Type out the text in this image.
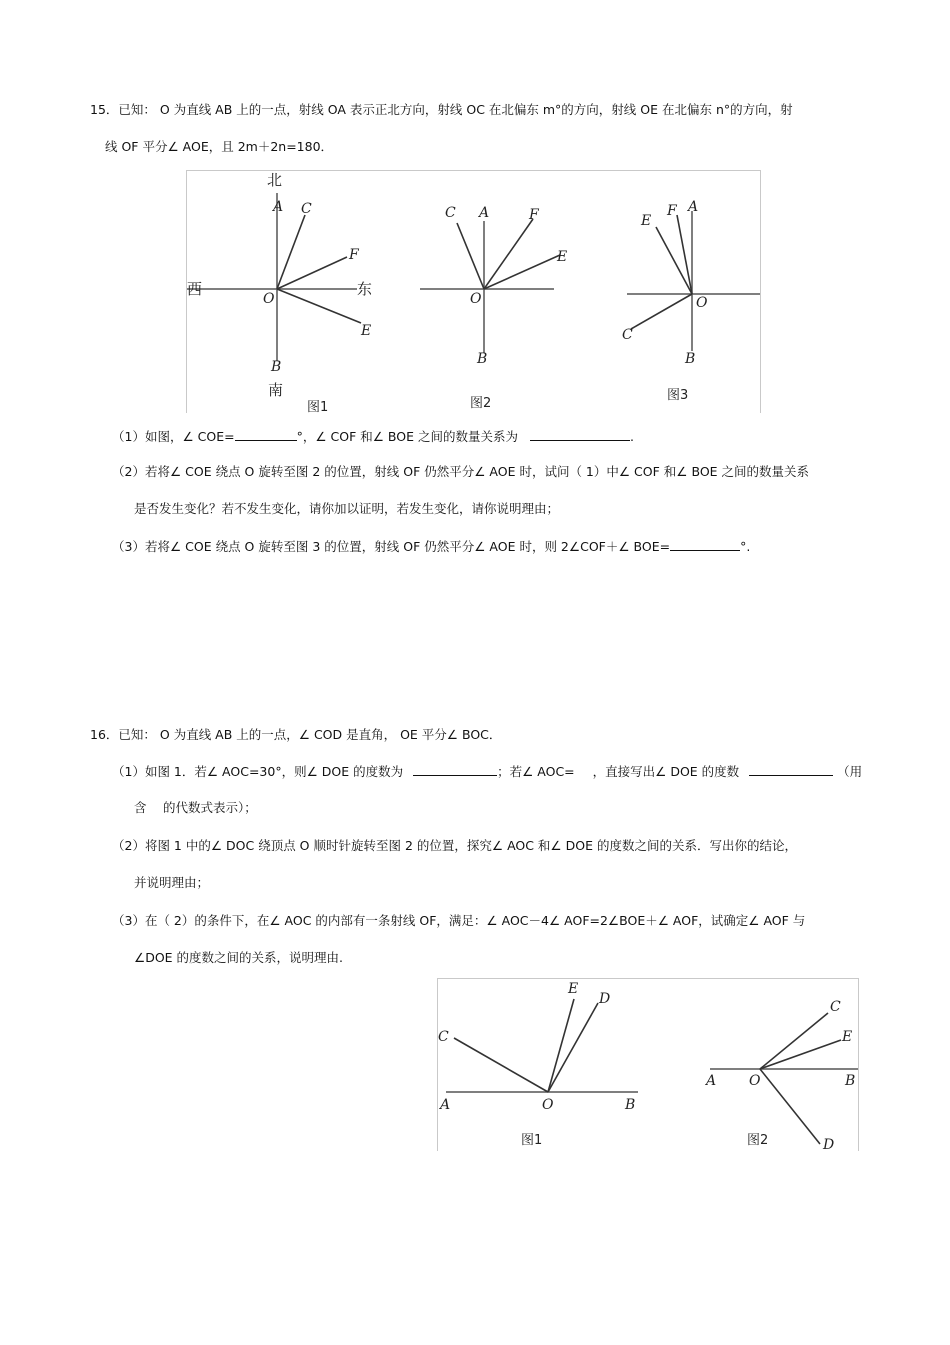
15．已知： O 为直线 AB 上的一点，射线 OA 表示正北方向，射线 OC 在北偏东 m°的方向，射线 OE 在北偏东 n°的方向，射
线 OF 平分∠ AOE，且 2m＋2n=180．
北
A C
F
E
O
B
西	东
南
图1
C A	F
E
O
B
图2
E
F A
O
C
B
图3
（1）如图，∠ COE=	°，∠ COF 和∠ BOE 之间的数量关系为	.
（2）若将∠ COE 绕点 O 旋转至图 2 的位置，射线 OF 仍然平分∠ AOE 时，试问（ 1）中∠ COF 和∠ BOE 之间的数量关系
是否发生变化？若不发生变化，请你加以证明，若发生变化，请你说明理由；
（3）若将∠ COE 绕点 O 旋转至图 3 的位置，射线 OF 仍然平分∠ AOE 时，则 2∠COF＋∠ BOE=	°.
16．已知： O 为直线 AB 上的一点，∠ COD 是直角， OE 平分∠ BOC．
（1）如图 1．若∠ AOC=30°，则∠ DOE 的度数为	；若∠ AOC= ，直接写出∠ DOE 的度数	（用
含　 的代数式表示）；
（2）将图 1 中的∠ DOC 绕顶点 O 顺时针旋转至图 2 的位置，探究∠ AOC 和∠ DOE 的度数之间的关系．写出你的结论，
并说明理由；
（3）在（ 2）的条件下，在∠ AOC 的内部有一条射线 OF，满足：∠ AOC－4∠ AOF=2∠BOE＋∠ AOF，试确定∠ AOF 与
∠DOE 的度数之间的关系，说明理由.
C
E
D
A	O	B
图1
C
E
A O	B
D
图2
